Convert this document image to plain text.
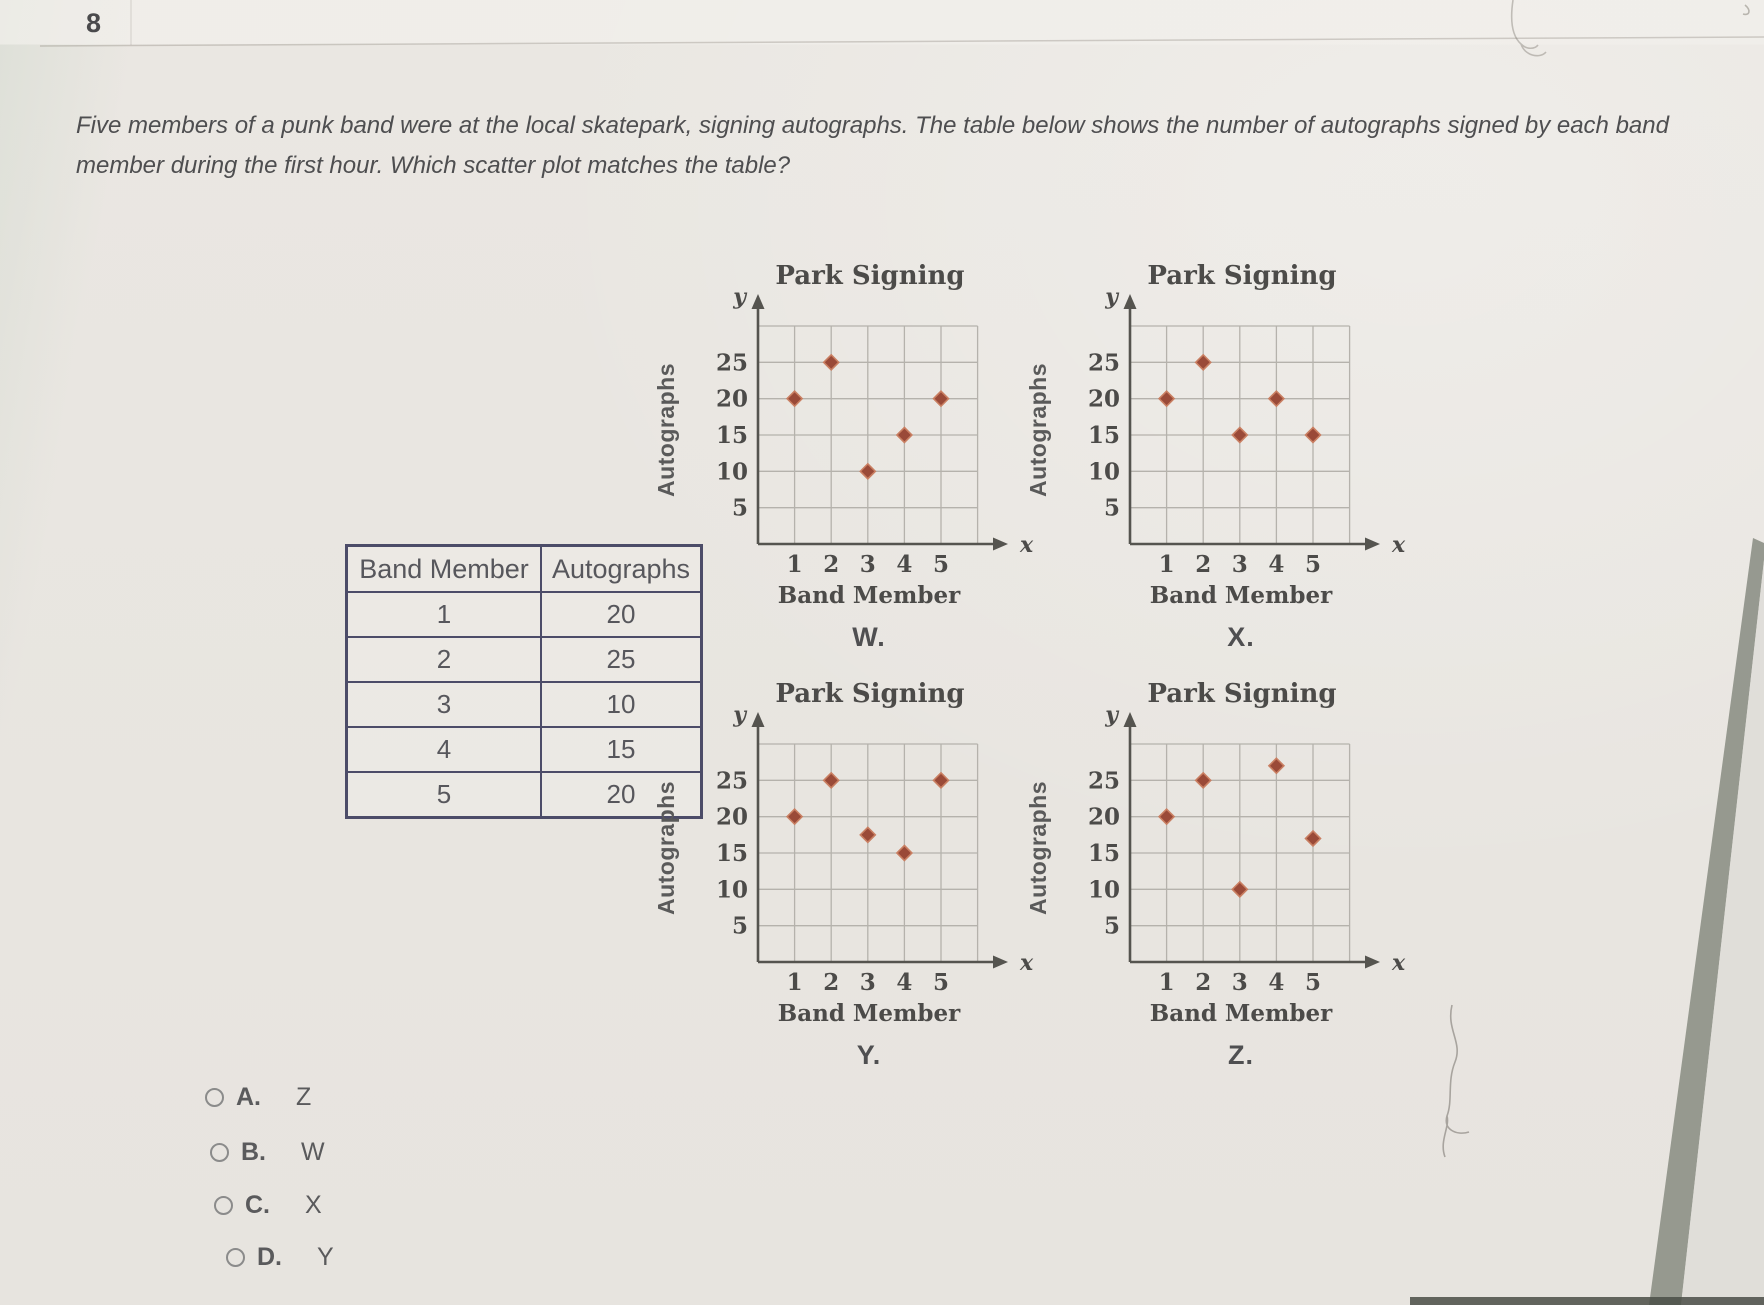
8
Five members of a punk band were at the local skatepark, signing autographs. The table below shows the number of autographs signed by each band member during the first hour. Which scatter plot matches the table?
Band Member	Autographs
1	20
2	25
3	10
4	15
5	20
Park Signing
y
x
25
20
15
10
5
1 2 3 4 5
Autographs
Band Member
W.
Park Signing
y
x
25
20
15
10
5
1 2 3 4 5
Autographs
Band Member
X.
Park Signing
y
x
25
20
15
10
5
1 2 3 4 5
Autographs
Band Member
Y.
Park Signing
y
x
25
20
15
10
5
1 2 3 4 5
Autographs
Band Member
Z.
A.	Z
B.	W
C.	X
D.	Y
